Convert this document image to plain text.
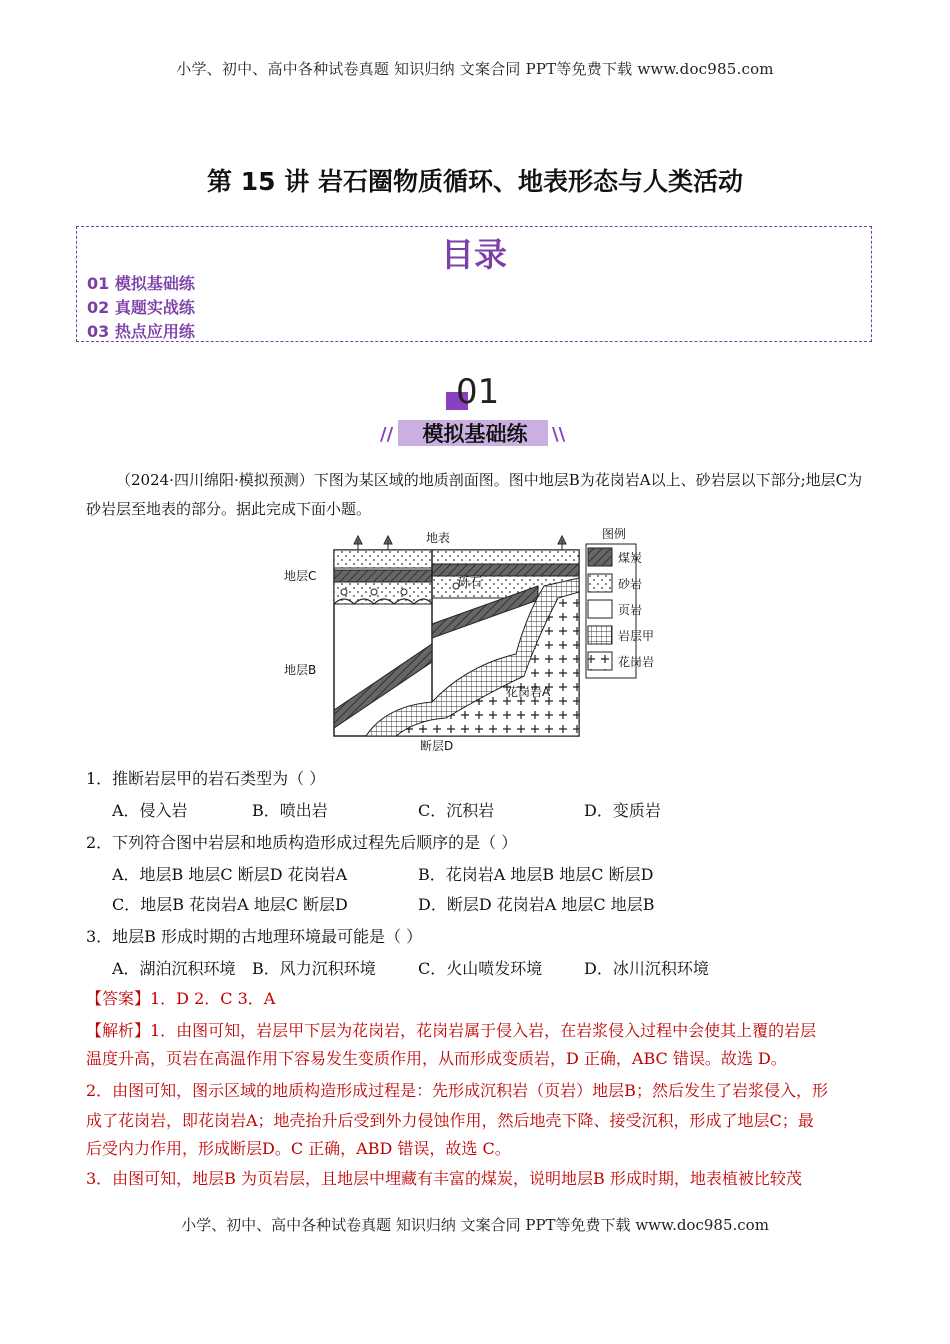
小学、初中、高中各种试卷真题 知识归纳 文案合同 PPT等免费下载 www.doc985.com
第 15 讲 岩石圈物质循环、地表形态与人类活动
目录
01 模拟基础练
02 真题实战练
03 热点应用练
01
//	\\
模拟基础练
（2024·四川绵阳·模拟预测）下图为某区域的地质剖面图。图中地层B为花岗岩A以上、砂岩层以下部分;地层C为砂岩层至地表的部分。据此完成下面小题。
地表
地层C
地层B
砾石
花岗岩A
断层D
图例
煤炭
砂岩
页岩
岩层甲
花岗岩
1．推断岩层甲的岩石类型为（ ）
A．侵入岩	B．喷出岩	C．沉积岩	D．变质岩
2．下列符合图中岩层和地质构造形成过程先后顺序的是（ ）
A．地层B 地层C 断层D 花岗岩A	B．花岗岩A 地层B 地层C 断层D
C．地层B 花岗岩A 地层C 断层D	D．断层D 花岗岩A 地层C 地层B
3．地层B 形成时期的古地理环境最可能是（ ）
A．湖泊沉积环境 B．风力沉积环境	C．火山喷发环境	D．冰川沉积环境
【答案】1．D 2．C 3．A
【解析】1．由图可知，岩层甲下层为花岗岩，花岗岩属于侵入岩，在岩浆侵入过程中会使其上覆的岩层
温度升高，页岩在高温作用下容易发生变质作用，从而形成变质岩，D 正确，ABC 错误。故选 D。
2．由图可知，图示区域的地质构造形成过程是：先形成沉积岩（页岩）地层B；然后发生了岩浆侵入，形
成了花岗岩，即花岗岩A；地壳抬升后受到外力侵蚀作用，然后地壳下降、接受沉积，形成了地层C；最
后受内力作用，形成断层D。C 正确，ABD 错误，故选 C。
3．由图可知，地层B 为页岩层，且地层中埋藏有丰富的煤炭，说明地层B 形成时期，地表植被比较茂
小学、初中、高中各种试卷真题 知识归纳 文案合同 PPT等免费下载 www.doc985.com
